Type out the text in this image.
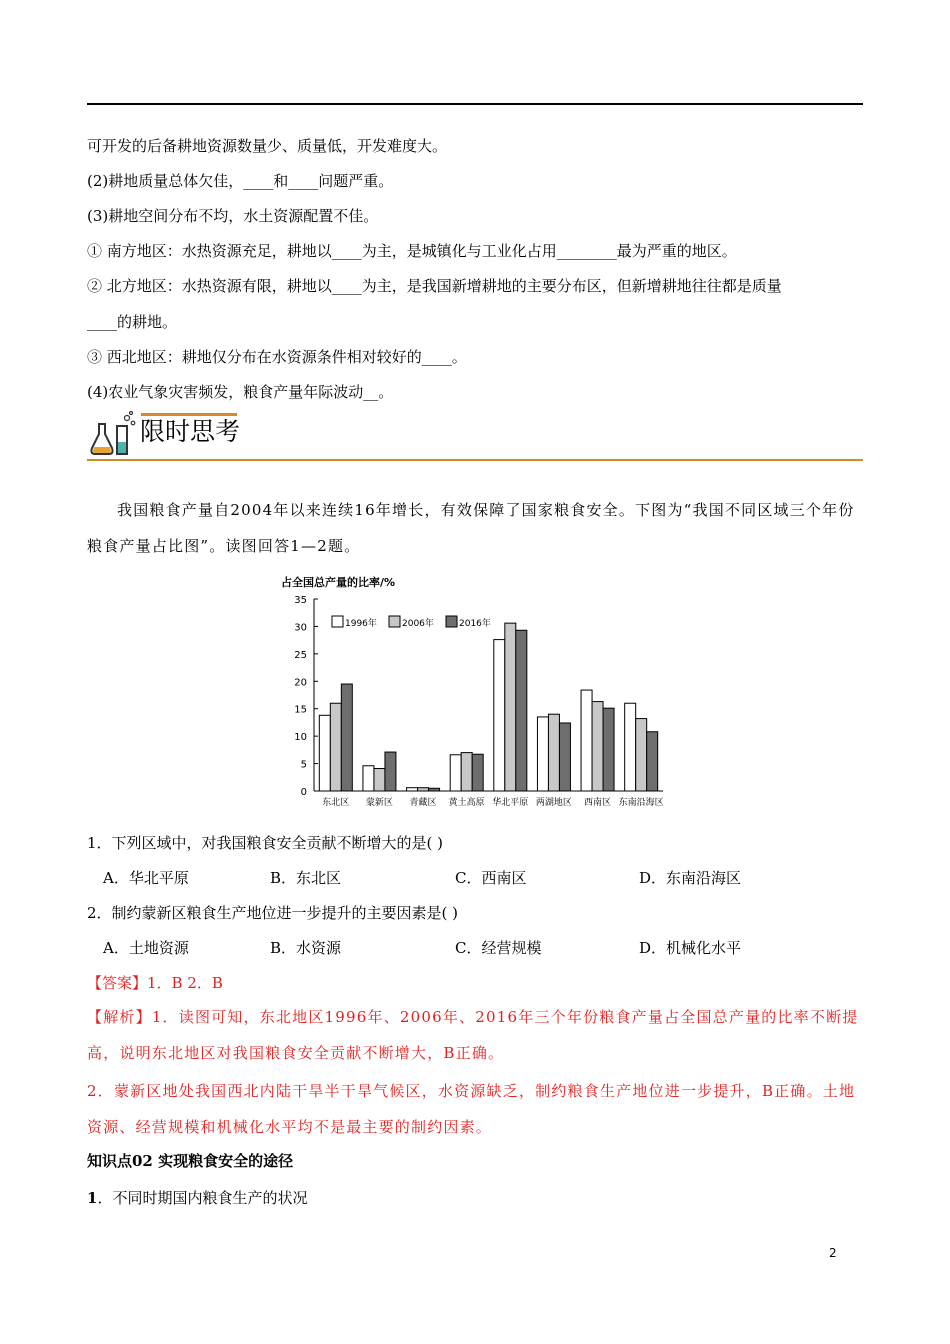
可开发的后备耕地资源数量少、质量低，开发难度大。
(2)耕地质量总体欠佳，____和____问题严重。
(3)耕地空间分布不均，水土资源配置不佳。
① 南方地区：水热资源充足，耕地以____为主，是城镇化与工业化占用________最为严重的地区。
② 北方地区：水热资源有限，耕地以____为主，是我国新增耕地的主要分布区，但新增耕地往往都是质量
____的耕地。
③ 西北地区：耕地仅分布在水资源条件相对较好的____。
(4)农业气象灾害频发，粮食产量年际波动__。
限时思考
我国粮食产量自2004年以来连续16年增长，有效保障了国家粮食安全。下图为“我国不同区域三个年份粮食产量占比图”。读图回答1—2题。
占全国总产量的比率/%
0
5
10
15
20
25
30
35
东北区 蒙新区 青藏区 黄土高原 华北平原 两湖地区 西南区 东南沿海区
1996年	2006年	2016年
1．下列区域中，对我国粮食安全贡献不断增大的是( )
A．华北平原	B．东北区	C．西南区	D．东南沿海区
2．制约蒙新区粮食生产地位进一步提升的主要因素是( )
A．土地资源	B．水资源	C．经营规模	D．机械化水平
【答案】1．B 2．B
【解析】1．读图可知，东北地区1996年、2006年、2016年三个年份粮食产量占全国总产量的比率不断提高，说明东北地区对我国粮食安全贡献不断增大，B正确。
2．蒙新区地处我国西北内陆干旱半干旱气候区，水资源缺乏，制约粮食生产地位进一步提升，B正确。土地资源、经营规模和机械化水平均不是最主要的制约因素。
知识点02 实现粮食安全的途径
1．不同时期国内粮食生产的状况
2
